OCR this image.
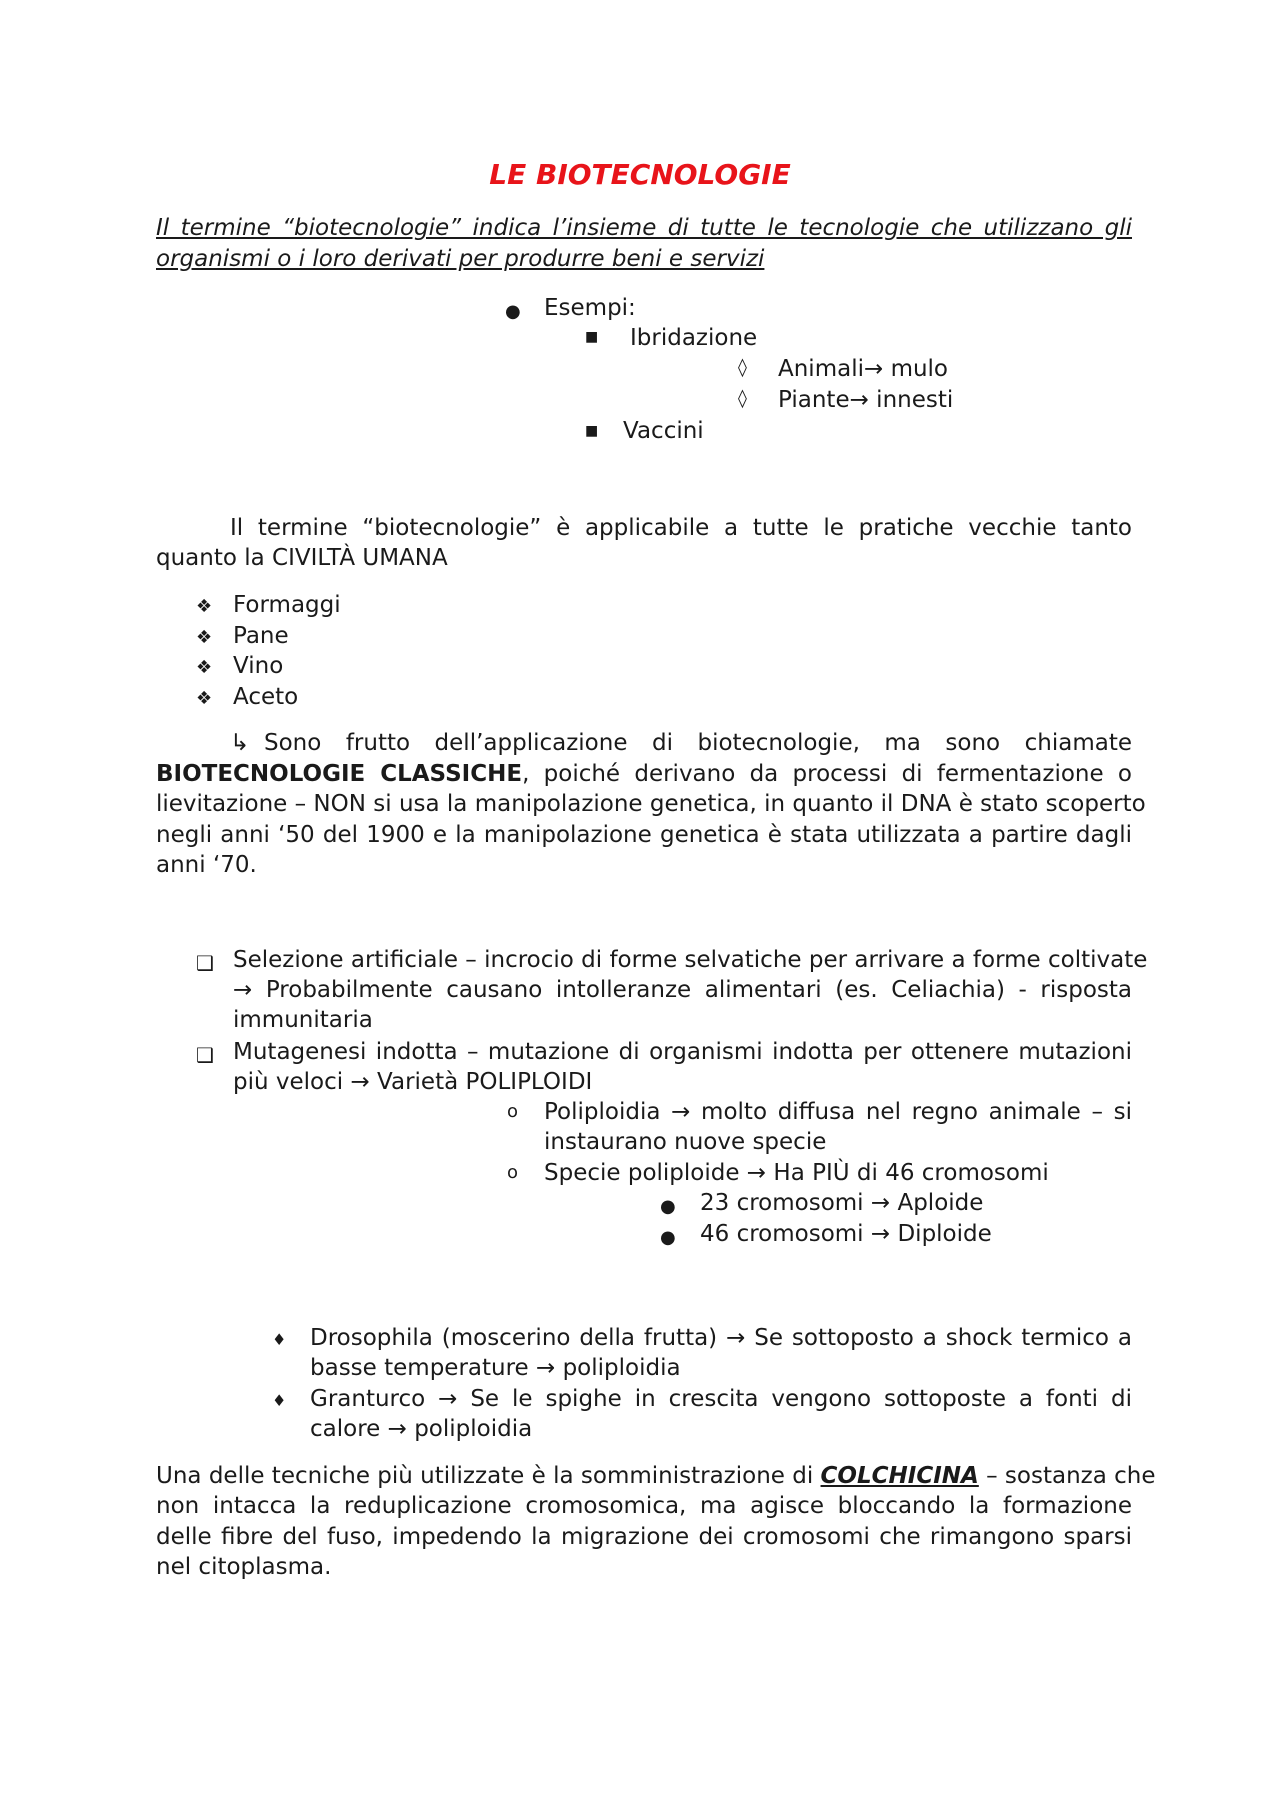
LE BIOTECNOLOGIE
Il termine “biotecnologie” indica l’insieme di tutte le tecnologie che utilizzano gli
organismi o i loro derivati per produrre beni e servizi
● Esempi:
■ Ibridazione
◊ Animali→ mulo
◊ Piante→ innesti
■ Vaccini
Il termine “biotecnologie” è applicabile a tutte le pratiche vecchie tanto
quanto la CIVILTÀ UMANA
❖ Formaggi
❖ Pane
❖ Vino
❖ Aceto
↳ Sono frutto dell’applicazione di biotecnologie, ma sono chiamate
BIOTECNOLOGIE CLASSICHE, poiché derivano da processi di fermentazione o
lievitazione – NON si usa la manipolazione genetica, in quanto il DNA è stato scoperto
negli anni ‘50 del 1900 e la manipolazione genetica è stata utilizzata a partire dagli
anni ‘70.
❑ Selezione artificiale – incrocio di forme selvatiche per arrivare a forme coltivate
→ Probabilmente causano intolleranze alimentari (es. Celiachia) - risposta
immunitaria
❑ Mutagenesi indotta – mutazione di organismi indotta per ottenere mutazioni
più veloci → Varietà POLIPLOIDI
o Poliploidia → molto diffusa nel regno animale – si
instaurano nuove specie
o Specie poliploide → Ha PIÙ di 46 cromosomi
● 23 cromosomi → Aploide
● 46 cromosomi → Diploide
♦ Drosophila (moscerino della frutta) → Se sottoposto a shock termico a
basse temperature → poliploidia
♦ Granturco → Se le spighe in crescita vengono sottoposte a fonti di
calore → poliploidia
Una delle tecniche più utilizzate è la somministrazione di COLCHICINA – sostanza che
non intacca la reduplicazione cromosomica, ma agisce bloccando la formazione
delle fibre del fuso, impedendo la migrazione dei cromosomi che rimangono sparsi
nel citoplasma.
